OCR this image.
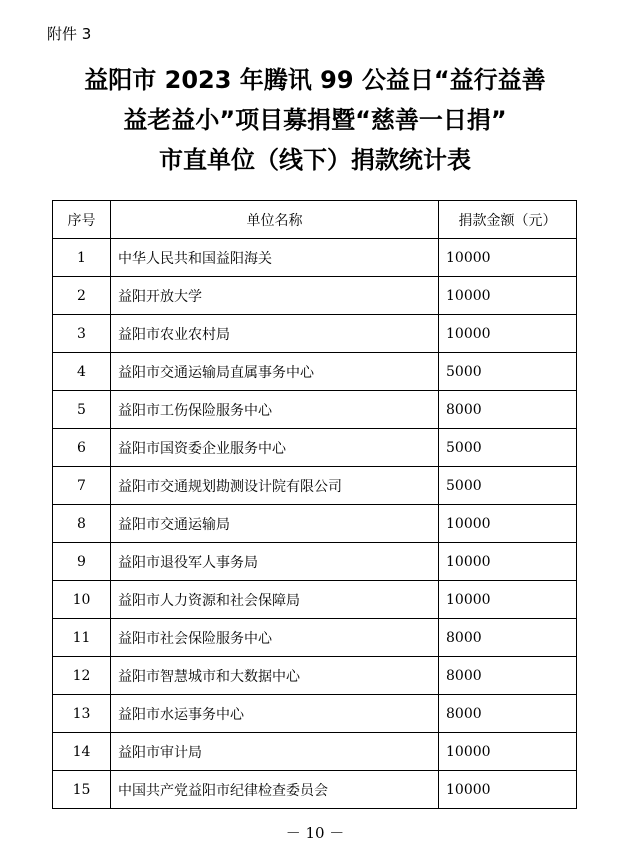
附件 3
益阳市 2023 年腾讯 99 公益日“益行益善
益老益小”项目募捐暨“慈善一日捐”
市直单位（线下）捐款统计表
序号	单位名称	捐款金额（元）
1	中华人民共和国益阳海关	10000
2	益阳开放大学	10000
3	益阳市农业农村局	10000
4	益阳市交通运输局直属事务中心	5000
5	益阳市工伤保险服务中心	8000
6	益阳市国资委企业服务中心	5000
7	益阳市交通规划勘测设计院有限公司	5000
8	益阳市交通运输局	10000
9	益阳市退役军人事务局	10000
10	益阳市人力资源和社会保障局	10000
11	益阳市社会保险服务中心	8000
12	益阳市智慧城市和大数据中心	8000
13	益阳市水运事务中心	8000
14	益阳市审计局	10000
15	中国共产党益阳市纪律检查委员会	10000
－ 10 －
